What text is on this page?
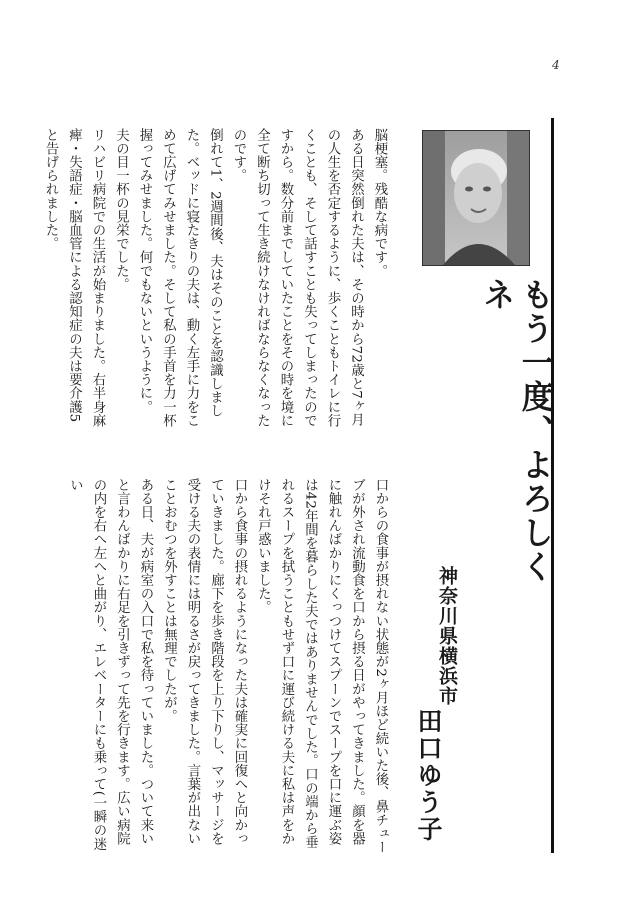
4
もう一度、よろしくネ
神奈川県横浜市
田口ゆう子

脳梗塞。残酷な病です。

ある日突然倒れた夫は、その時から72歳と7ヶ月の人生を否定するように、歩くこともトイレに行くことも、そして話すことも失ってしまったのですから。数分前までしていたことをその時を境に全て断ち切って生き続けなければならなくなったのです。

倒れて1、2週間後、夫はそのことを認識しました。ベッドに寝たきりの夫は、動く左手に力をこめて広げてみせました。そして私の手首を力一杯握ってみせました。何でもないというように。

夫の目一杯の見栄でした。

リハビリ病院での生活が始まりました。右半身麻痺・失語症・脳血管による認知症の夫は要介護5と告げられました。

口からの食事が摂れない状態が2ヶ月ほど続いた後、鼻チューブが外され流動食を口から摂る日がやってきました。顔を器に触れんばかりにくっつけてスプーンでスープを口に運ぶ姿は42年間を暮らした夫ではありませんでした。口の端から垂れるスープを拭うこともせず口に運び続ける夫に私は声をかけそれ戸惑いました。

口から食事の摂れるようになった夫は確実に回復へと向かっていきました。廊下を歩き階段を上り下りし、マッサージを受ける夫の表情には明るさが戻ってきました。言葉が出ないことおむつを外すことは無理でしたが。

ある日、夫が病室の入口で私を待っていました。ついて来いと言わんばかりに右足を引きずって先を行きます。広い病院の内を右へ左へと曲がり、エレベーターにも乗って(一瞬の迷い
